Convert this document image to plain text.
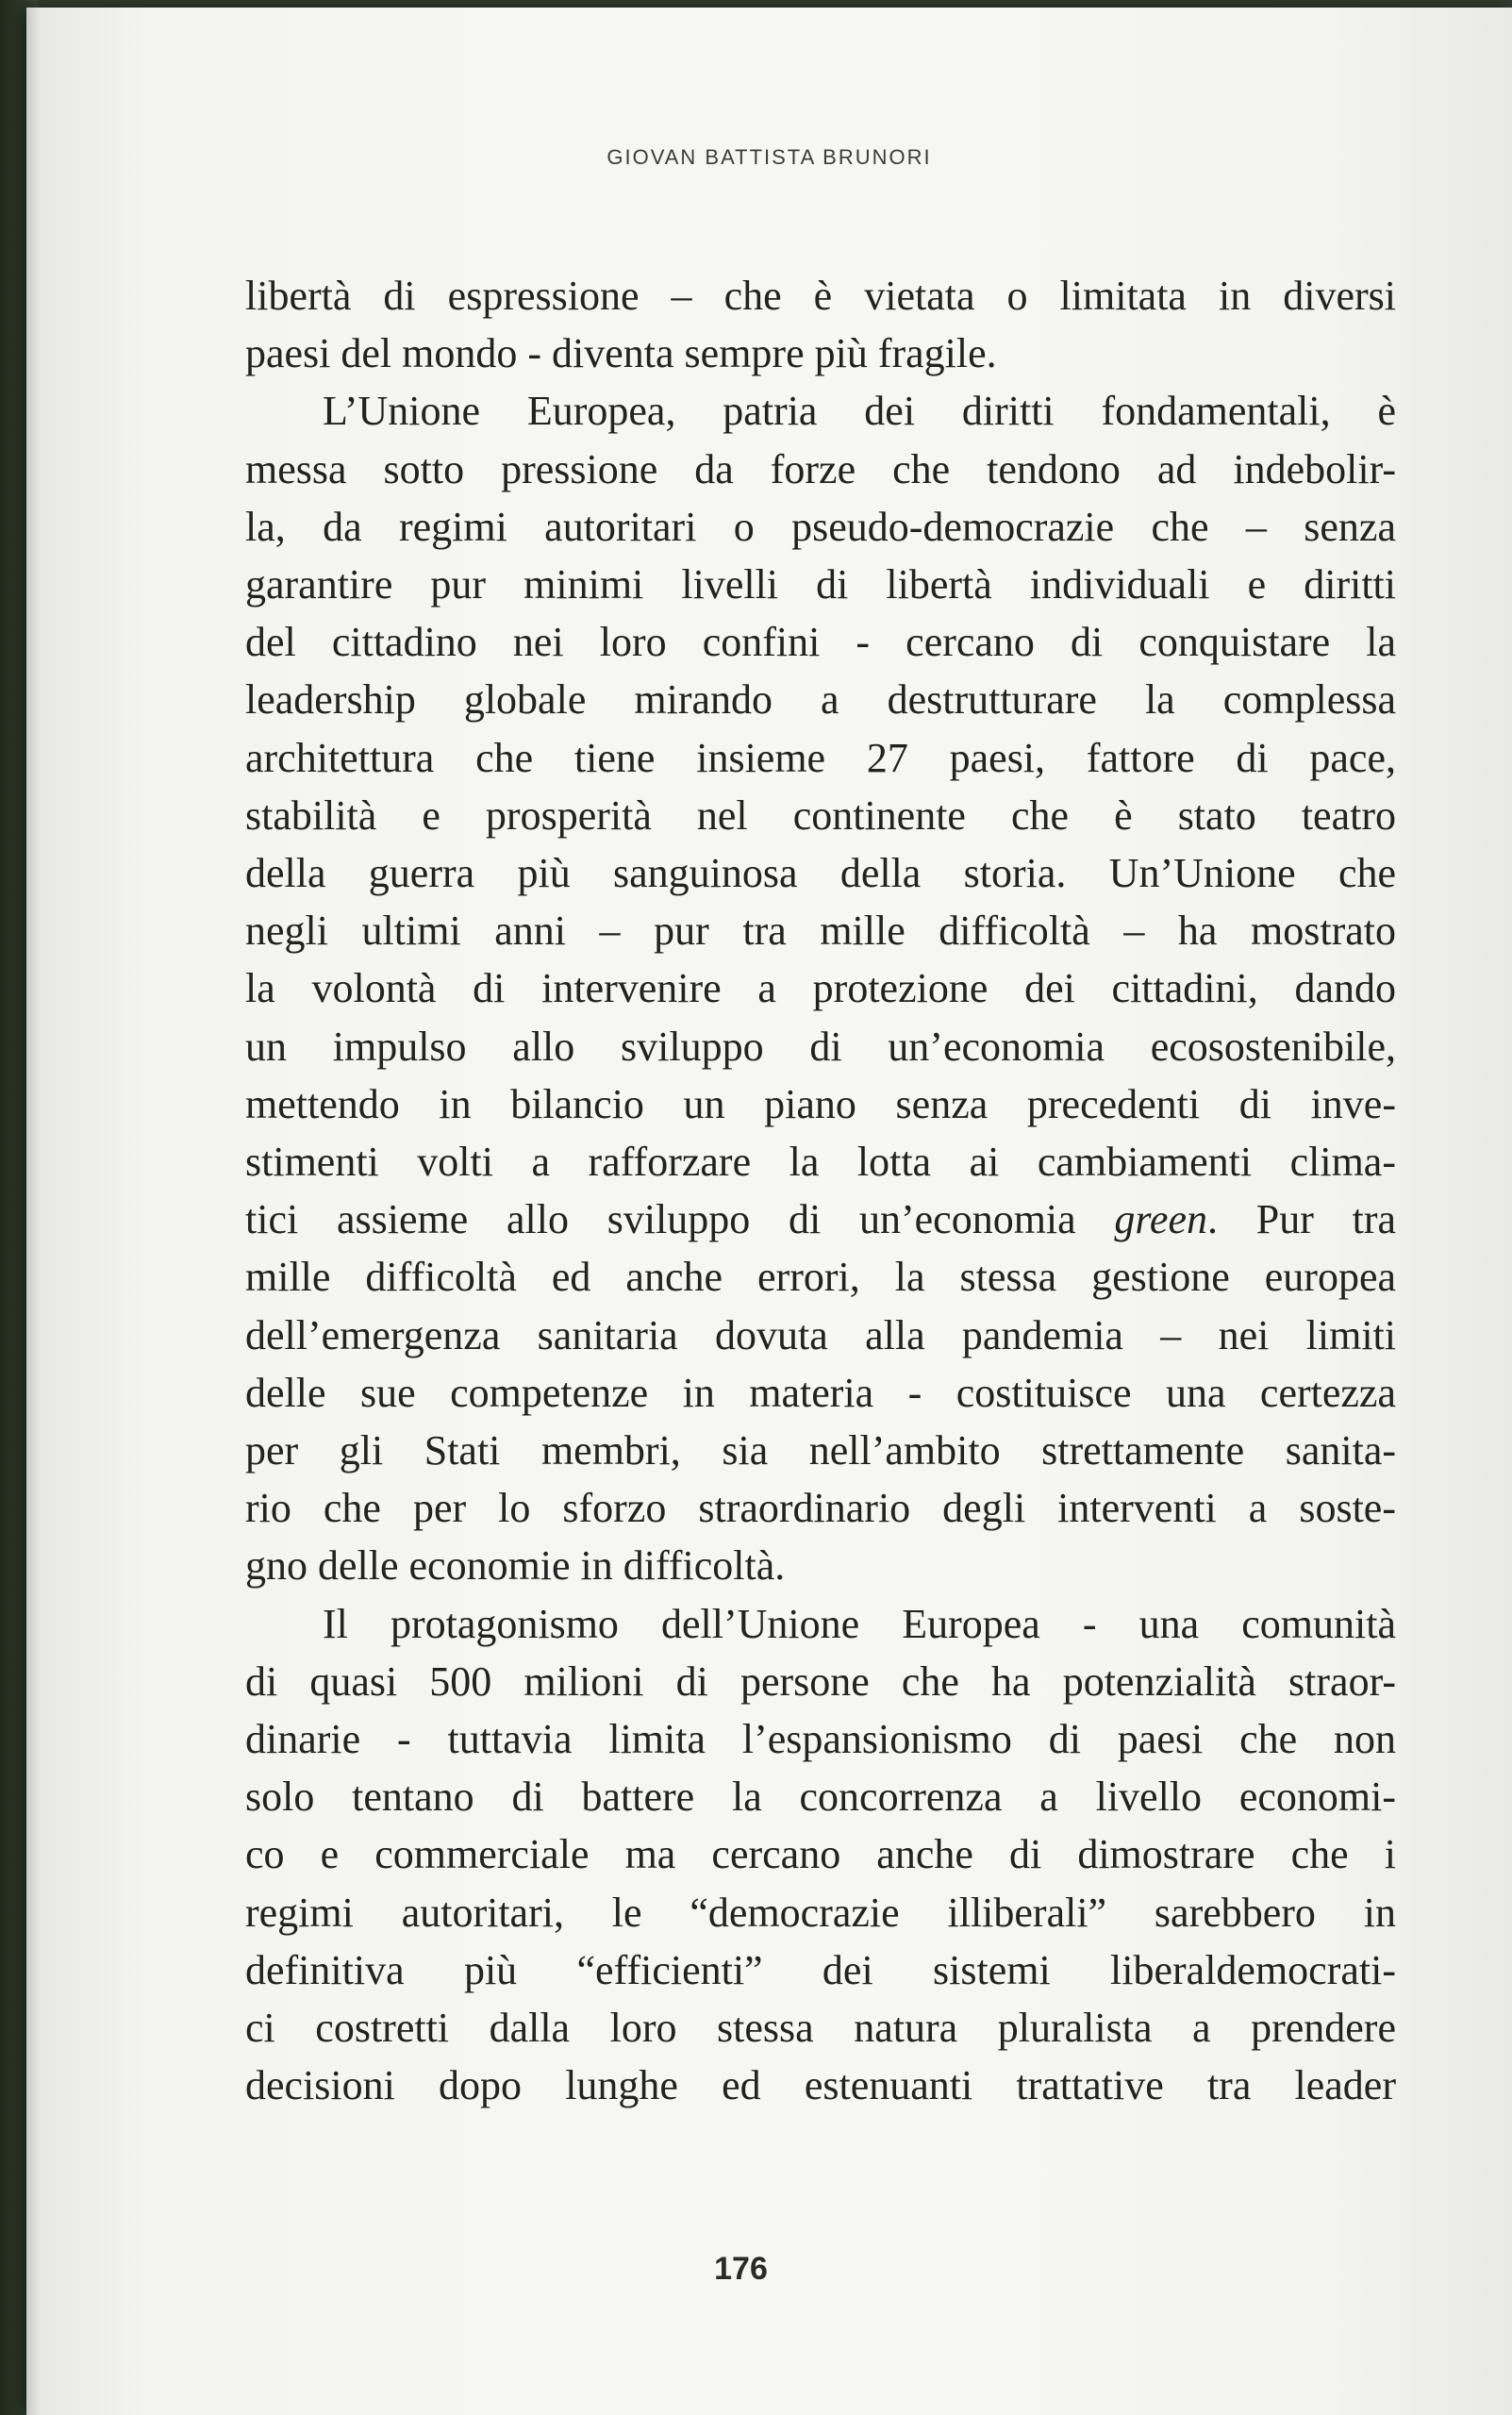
GIOVAN BATTISTA BRUNORI
libertà di espressione – che è vietata o limitata in diversi
paesi del mondo - diventa sempre più fragile.
L’Unione Europea, patria dei diritti fondamentali, è
messa sotto pressione da forze che tendono ad indebolir-
la, da regimi autoritari o pseudo-democrazie che – senza
garantire pur minimi livelli di libertà individuali e diritti
del cittadino nei loro confini - cercano di conquistare la
leadership globale mirando a destrutturare la complessa
architettura che tiene insieme 27 paesi, fattore di pace,
stabilità e prosperità nel continente che è stato teatro
della guerra più sanguinosa della storia. Un’Unione che
negli ultimi anni – pur tra mille difficoltà – ha mostrato
la volontà di intervenire a protezione dei cittadini, dando
un impulso allo sviluppo di un’economia ecosostenibile,
mettendo in bilancio un piano senza precedenti di inve-
stimenti volti a rafforzare la lotta ai cambiamenti clima-
tici assieme allo sviluppo di un’economia green. Pur tra
mille difficoltà ed anche errori, la stessa gestione europea
dell’emergenza sanitaria dovuta alla pandemia – nei limiti
delle sue competenze in materia - costituisce una certezza
per gli Stati membri, sia nell’ambito strettamente sanita-
rio che per lo sforzo straordinario degli interventi a soste-
gno delle economie in difficoltà.
Il protagonismo dell’Unione Europea - una comunità
di quasi 500 milioni di persone che ha potenzialità straor-
dinarie - tuttavia limita l’espansionismo di paesi che non
solo tentano di battere la concorrenza a livello economi-
co e commerciale ma cercano anche di dimostrare che i
regimi autoritari, le “democrazie illiberali” sarebbero in
definitiva più “efficienti” dei sistemi liberaldemocrati-
ci costretti dalla loro stessa natura pluralista a prendere
decisioni dopo lunghe ed estenuanti trattative tra leader
176
